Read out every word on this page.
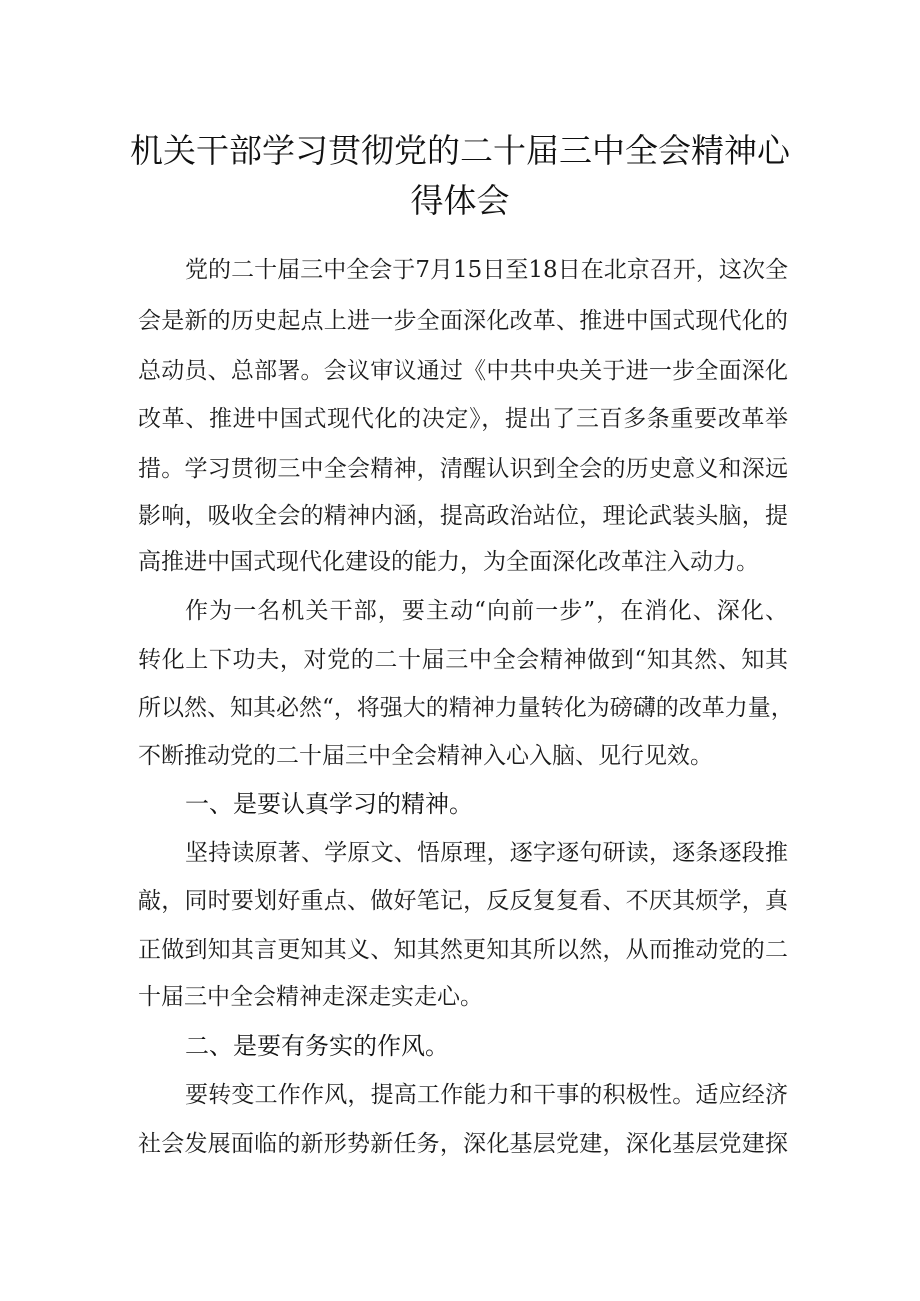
机关干部学习贯彻党的二十届三中全会精神心
得体会
党的二十届三中全会于7月15日至18日在北京召开，这次全
会是新的历史起点上进一步全面深化改革、推进中国式现代化的
总动员、总部署。会议审议通过《中共中央关于进一步全面深化
改革、推进中国式现代化的决定》，提出了三百多条重要改革举
措。学习贯彻三中全会精神，清醒认识到全会的历史意义和深远
影响，吸收全会的精神内涵，提高政治站位，理论武装头脑，提
高推进中国式现代化建设的能力，为全面深化改革注入动力。
作为一名机关干部，要主动“向前一步”，在消化、深化、
转化上下功夫，对党的二十届三中全会精神做到“知其然、知其
所以然、知其必然“，将强大的精神力量转化为磅礴的改革力量，
不断推动党的二十届三中全会精神入心入脑、见行见效。
一、是要认真学习的精神。
坚持读原著、学原文、悟原理，逐字逐句研读，逐条逐段推
敲，同时要划好重点、做好笔记，反反复复看、不厌其烦学，真
正做到知其言更知其义、知其然更知其所以然，从而推动党的二
十届三中全会精神走深走实走心。
二、是要有务实的作风。
要转变工作作风，提高工作能力和干事的积极性。适应经济
社会发展面临的新形势新任务，深化基层党建，深化基层党建探
